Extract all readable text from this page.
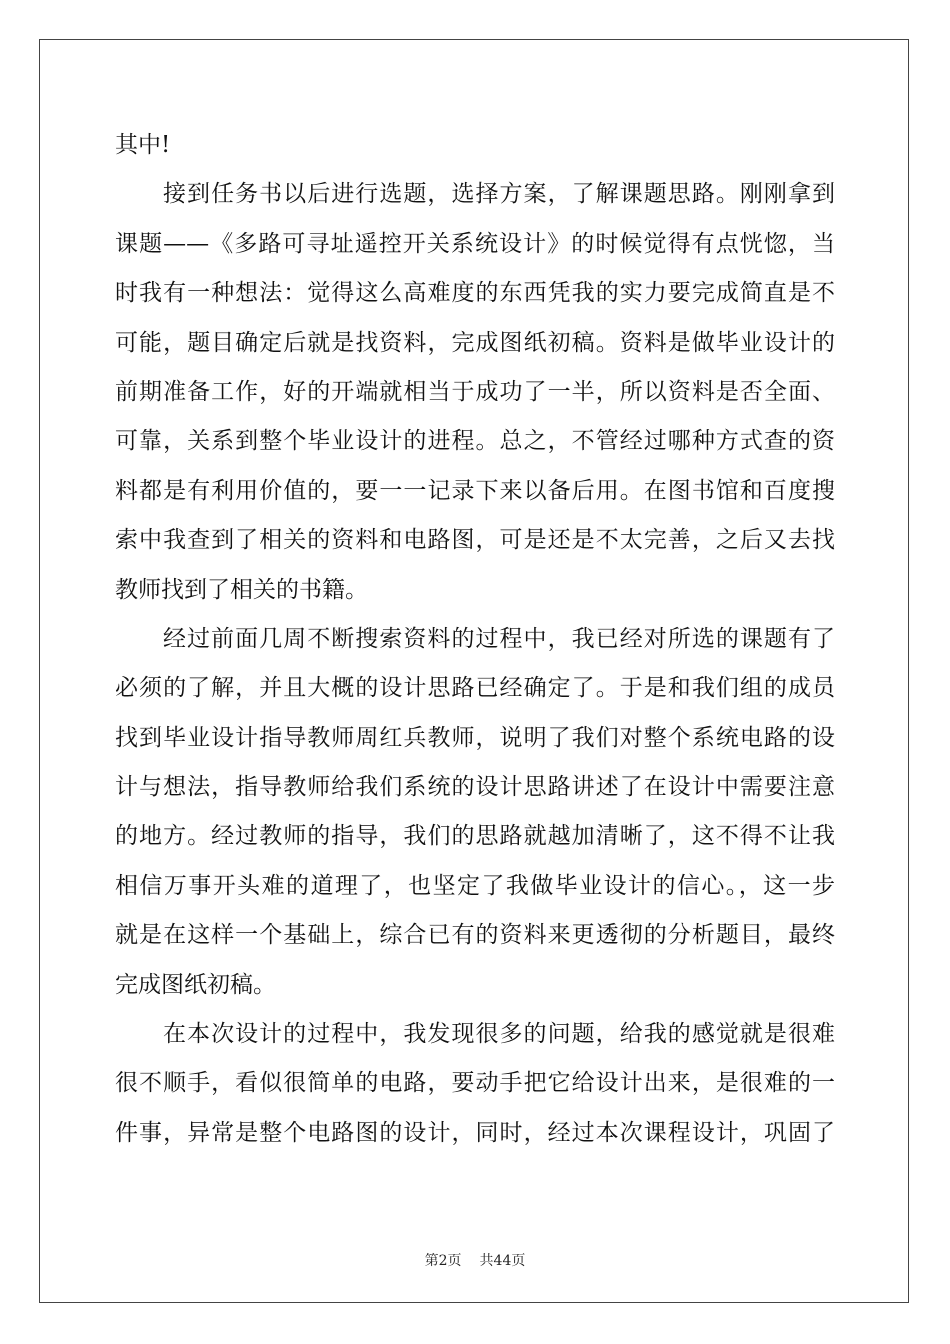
其中!
接到任务书以后进行选题，选择方案，了解课题思路。刚刚拿到
课题——《多路可寻址遥控开关系统设计》的时候觉得有点恍惚，当
时我有一种想法：觉得这么高难度的东西凭我的实力要完成简直是不
可能，题目确定后就是找资料，完成图纸初稿。资料是做毕业设计的
前期准备工作，好的开端就相当于成功了一半，所以资料是否全面、
可靠，关系到整个毕业设计的进程。总之，不管经过哪种方式查的资
料都是有利用价值的，要一一记录下来以备后用。在图书馆和百度搜
索中我查到了相关的资料和电路图，可是还是不太完善，之后又去找
教师找到了相关的书籍。
经过前面几周不断搜索资料的过程中，我已经对所选的课题有了
必须的了解，并且大概的设计思路已经确定了。于是和我们组的成员
找到毕业设计指导教师周红兵教师，说明了我们对整个系统电路的设
计与想法，指导教师给我们系统的设计思路讲述了在设计中需要注意
的地方。经过教师的指导，我们的思路就越加清晰了，这不得不让我
相信万事开头难的道理了，也坚定了我做毕业设计的信心。，这一步
就是在这样一个基础上，综合已有的资料来更透彻的分析题目，最终
完成图纸初稿。
在本次设计的过程中，我发现很多的问题，给我的感觉就是很难
很不顺手，看似很简单的电路，要动手把它给设计出来，是很难的一
件事，异常是整个电路图的设计，同时，经过本次课程设计，巩固了
第2页 共44页
